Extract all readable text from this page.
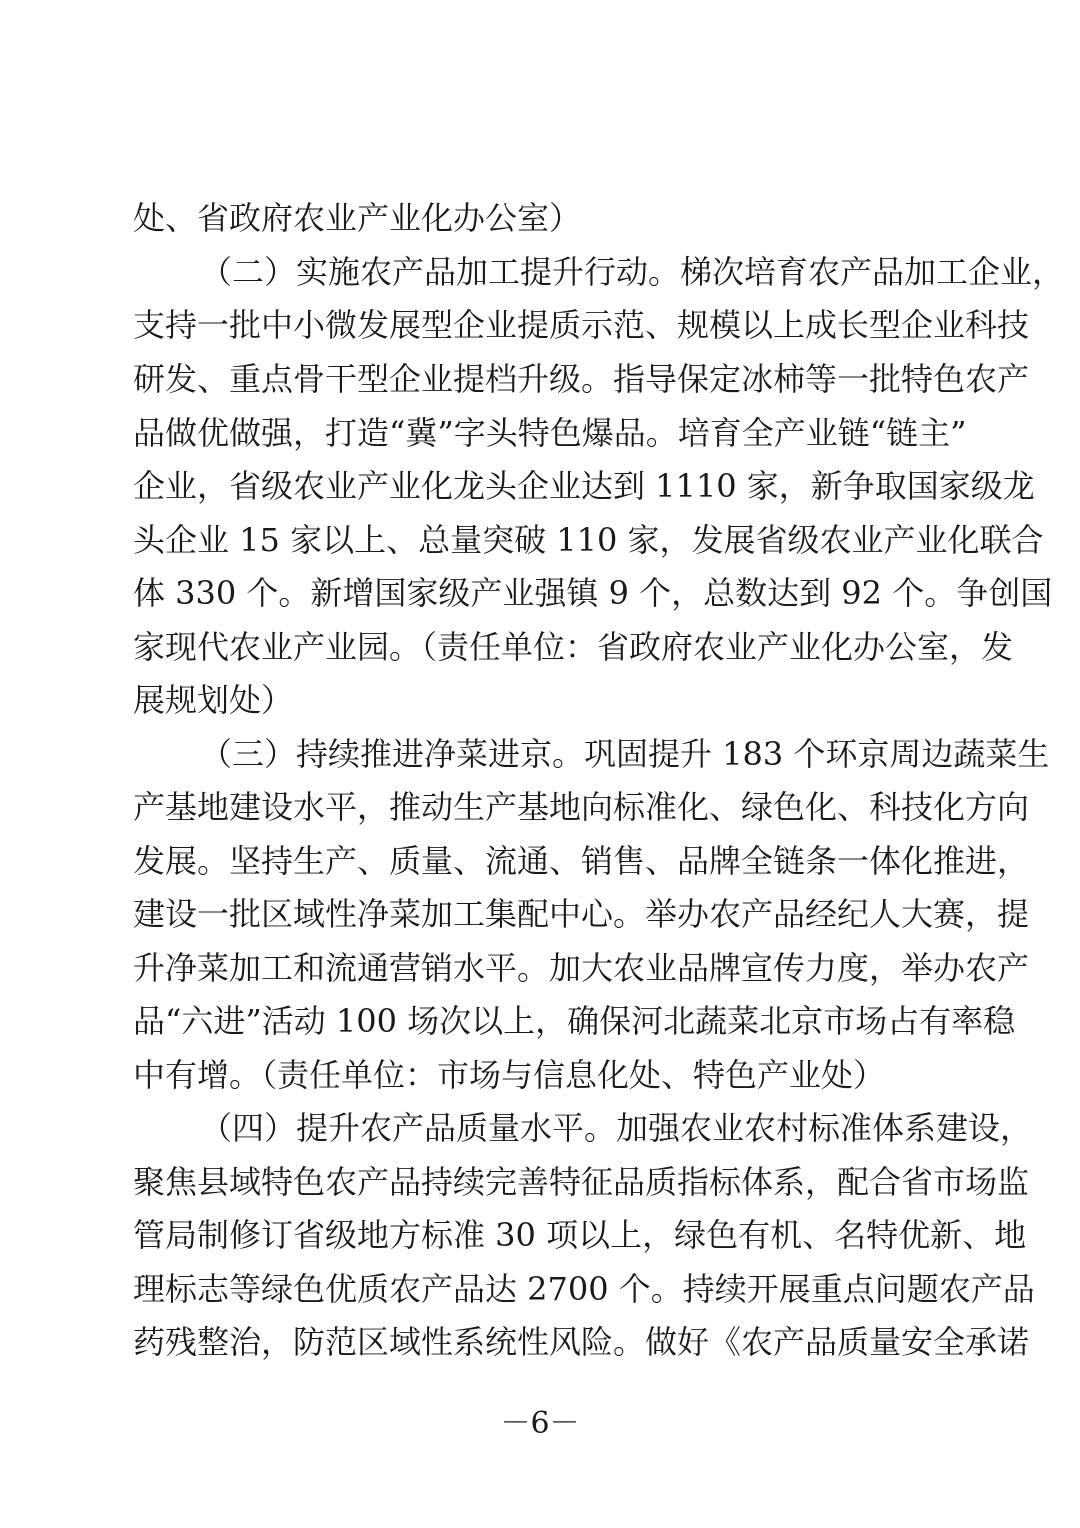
处、省政府农业产业化办公室）
（二）实施农产品加工提升行动。梯次培育农产品加工企业，
支持一批中小微发展型企业提质示范、规模以上成长型企业科技
研发、重点骨干型企业提档升级。指导保定冰柿等一批特色农产
品做优做强，打造“冀”字头特色爆品。培育全产业链“链主”
企业，省级农业产业化龙头企业达到 1110 家，新争取国家级龙
头企业 15 家以上、总量突破 110 家，发展省级农业产业化联合
体 330 个。新增国家级产业强镇 9 个，总数达到 92 个。争创国
家现代农业产业园。（责任单位：省政府农业产业化办公室，发
展规划处）
（三）持续推进净菜进京。巩固提升 183 个环京周边蔬菜生
产基地建设水平，推动生产基地向标准化、绿色化、科技化方向
发展。坚持生产、质量、流通、销售、品牌全链条一体化推进，
建设一批区域性净菜加工集配中心。举办农产品经纪人大赛，提
升净菜加工和流通营销水平。加大农业品牌宣传力度，举办农产
品“六进”活动 100 场次以上，确保河北蔬菜北京市场占有率稳
中有增。（责任单位：市场与信息化处、特色产业处）
（四）提升农产品质量水平。加强农业农村标准体系建设，
聚焦县域特色农产品持续完善特征品质指标体系，配合省市场监
管局制修订省级地方标准 30 项以上，绿色有机、名特优新、地
理标志等绿色优质农产品达 2700 个。持续开展重点问题农产品
药残整治，防范区域性系统性风险。做好《农产品质量安全承诺
－6－
